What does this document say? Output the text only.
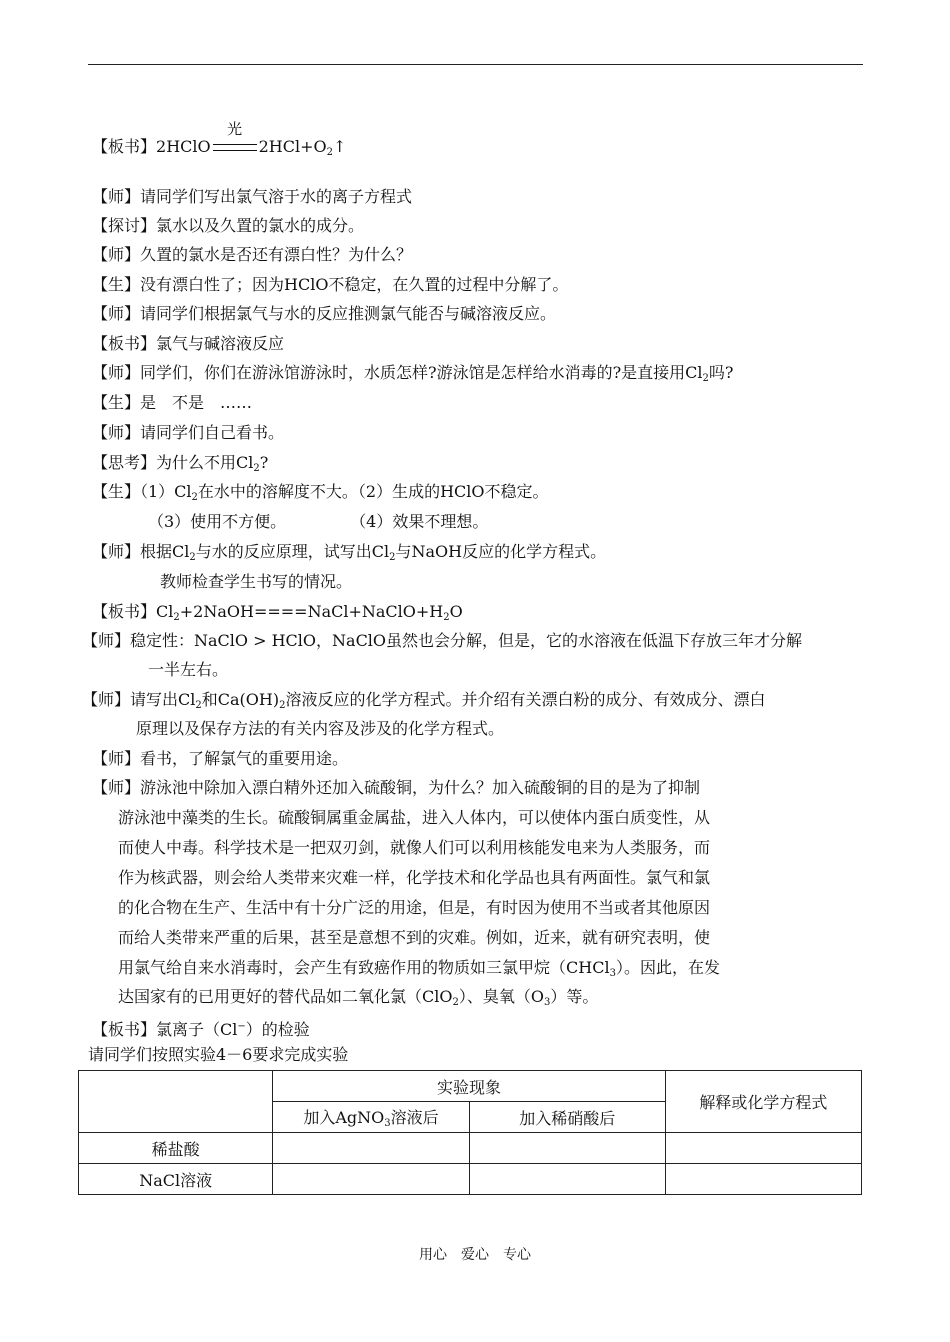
【板书】2HClO
光
$2HCl+O_2↑$
【师】请同学们写出氯气溶于水的离子方程式
【探讨】氯水以及久置的氯水的成分。
【师】久置的氯水是否还有漂白性？为什么？
【生】没有漂白性了；因为HClO不稳定，在久置的过程中分解了。
【师】请同学们根据氯气与水的反应推测氯气能否与碱溶液反应。
【板书】氯气与碱溶液反应
【师】同学们，你们在游泳馆游泳时，水质怎样?游泳馆是怎样给水消毒的?是直接用$Cl_2$吗?
【生】是　不是　……
【师】请同学们自己看书。
【思考】为什么不用$Cl_2$?
【生】$(1)Cl_2$在水中的溶解度不大。（2）生成的HClO不稳定。
（3）使用不方便。　　　　　（4）效果不理想。
【师】根据$Cl_2$与水的反应原理，试写出$Cl_2$与NaOH反应的化学方程式。
教师检查学生书写的情况。
【板书】$Cl_2+2NaOH====NaCl+NaClO+H_2O$
【师】稳定性：NaClO > HClO，NaClO虽然也会分解，但是，它的水溶液在低温下存放三年才分解
一半左右。
【师】请写出$Cl_2$和$Ca(OH)_2$溶液反应的化学方程式。并介绍有关漂白粉的成分、有效成分、漂白
原理以及保存方法的有关内容及涉及的化学方程式。
【师】看书，了解氯气的重要用途。
【师】游泳池中除加入漂白精外还加入硫酸铜，为什么？加入硫酸铜的目的是为了抑制
游泳池中藻类的生长。硫酸铜属重金属盐，进入人体内，可以使体内蛋白质变性，从
而使人中毒。科学技术是一把双刃剑，就像人们可以利用核能发电来为人类服务，而
作为核武器，则会给人类带来灾难一样，化学技术和化学品也具有两面性。氯气和氯
的化合物在生产、生活中有十分广泛的用途，但是，有时因为使用不当或者其他原因
而给人类带来严重的后果，甚至是意想不到的灾难。例如，近来，就有研究表明，使
用氯气给自来水消毒时，会产生有致癌作用的物质如三氯甲烷（CHCl$_3$）。因此，在发
达国家有的已用更好的替代品如二氧化氯（ClO$_2$）、臭氧$(O_3)$等。
【板书】氯离子（Cl−）的检验
请同学们按照实验4－6要求完成实验
	实验现象		解释或化学方程式
	加入AgNO$_3$溶液后	加入稀硝酸后	
稀盐酸			
NaCl溶液			
用心　爱心　专心
